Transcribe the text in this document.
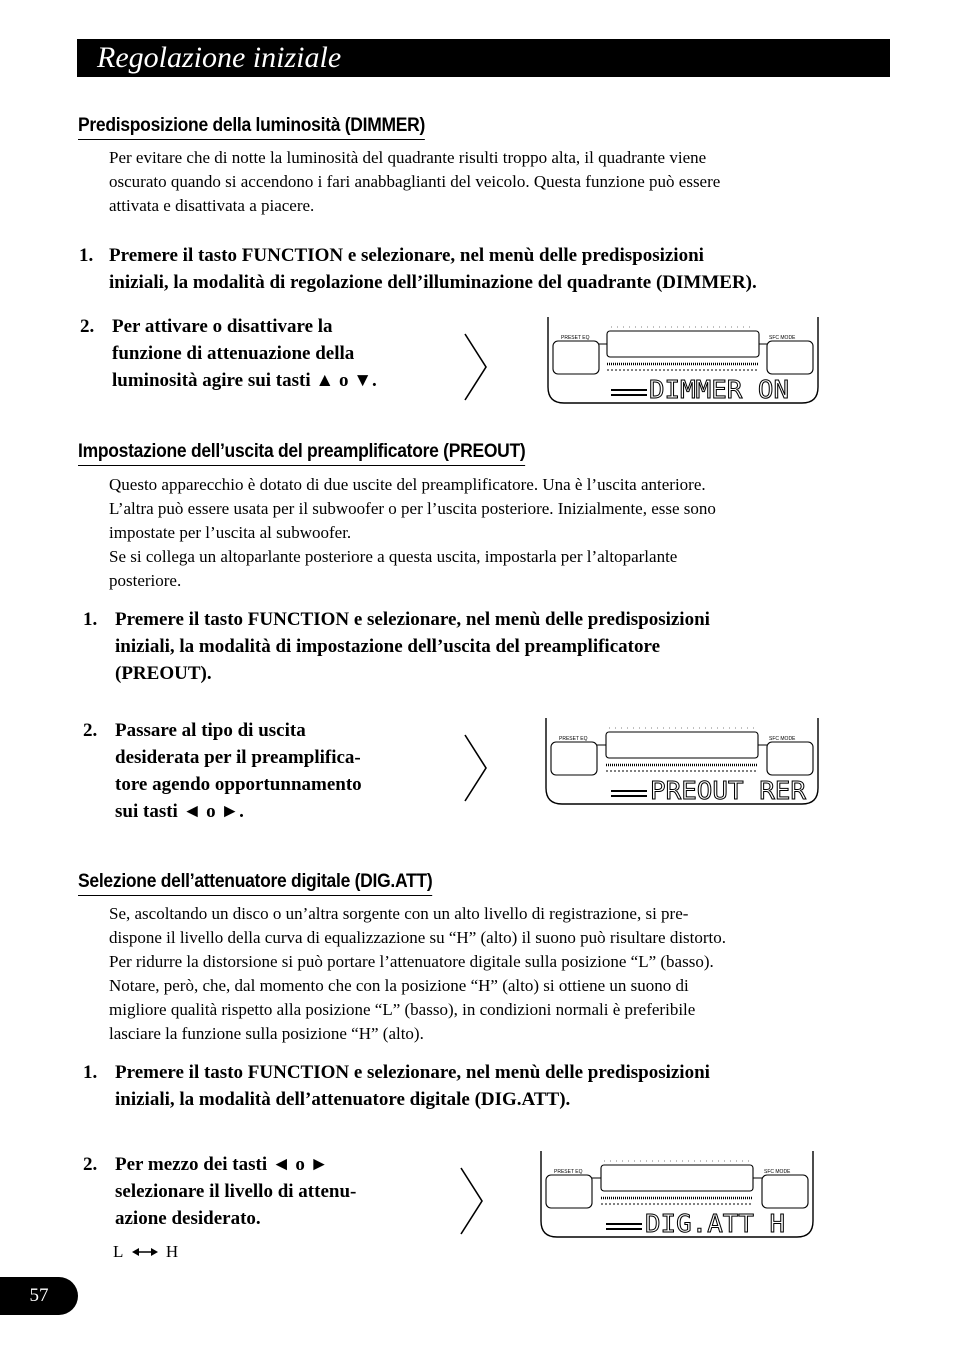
Regolazione iniziale
Predisposizione della luminosità (DIMMER)
Per evitare che di notte la luminosità del quadrante risulti troppo alta, il quadrante viene
oscurato quando si accendono i fari anabbaglianti del veicolo. Questa funzione può essere
attivata e disattivata a piacere.
1. Premere il tasto FUNCTION e selezionare, nel menù delle predisposizioni
iniziali, la modalità di regolazione dell’illuminazione del quadrante (DIMMER).
2. Per attivare o disattivare la
funzione di attenuazione della
luminosità agire sui tasti ▲ o ▼.
PRESET EQ	SFC MODE
DIMMER ON
Impostazione dell’uscita del preamplificatore (PREOUT)
Questo apparecchio è dotato di due uscite del preamplificatore. Una è l’uscita anteriore.
L’altra può essere usata per il subwoofer o per l’uscita posteriore. Inizialmente, esse sono
impostate per l’uscita al subwoofer.
Se si collega un altoparlante posteriore a questa uscita, impostarla per l’altoparlante
posteriore.
1. Premere il tasto FUNCTION e selezionare, nel menù delle predisposizioni
iniziali, la modalità di impostazione dell’uscita del preamplificatore
(PREOUT).
2. Passare al tipo di uscita
desiderata per il preamplifica-
tore agendo opportunnamento
sui tasti ◄ o ►.
PRESET EQ	SFC MODE
PREOUT RER
Selezione dell’attenuatore digitale (DIG.ATT)
Se, ascoltando un disco o un’altra sorgente con un alto livello di registrazione, si pre-
dispone il livello della curva di equalizzazione su “H” (alto) il suono può risultare distorto.
Per ridurre la distorsione si può portare l’attenuatore digitale sulla posizione “L” (basso).
Notare, però, che, dal momento che con la posizione “H” (alto) si ottiene un suono di
migliore qualità rispetto alla posizione “L” (basso), in condizioni normali è preferibile
lasciare la funzione sulla posizione “H” (alto).
1. Premere il tasto FUNCTION e selezionare, nel menù delle predisposizioni
iniziali, la modalità dell’attenuatore digitale (DIG.ATT).
2. Per mezzo dei tasti ◄ o ►
selezionare il livello di attenu-
azione desiderato.
L	H
PRESET EQ	SFC MODE
DIG.ATT H
57
